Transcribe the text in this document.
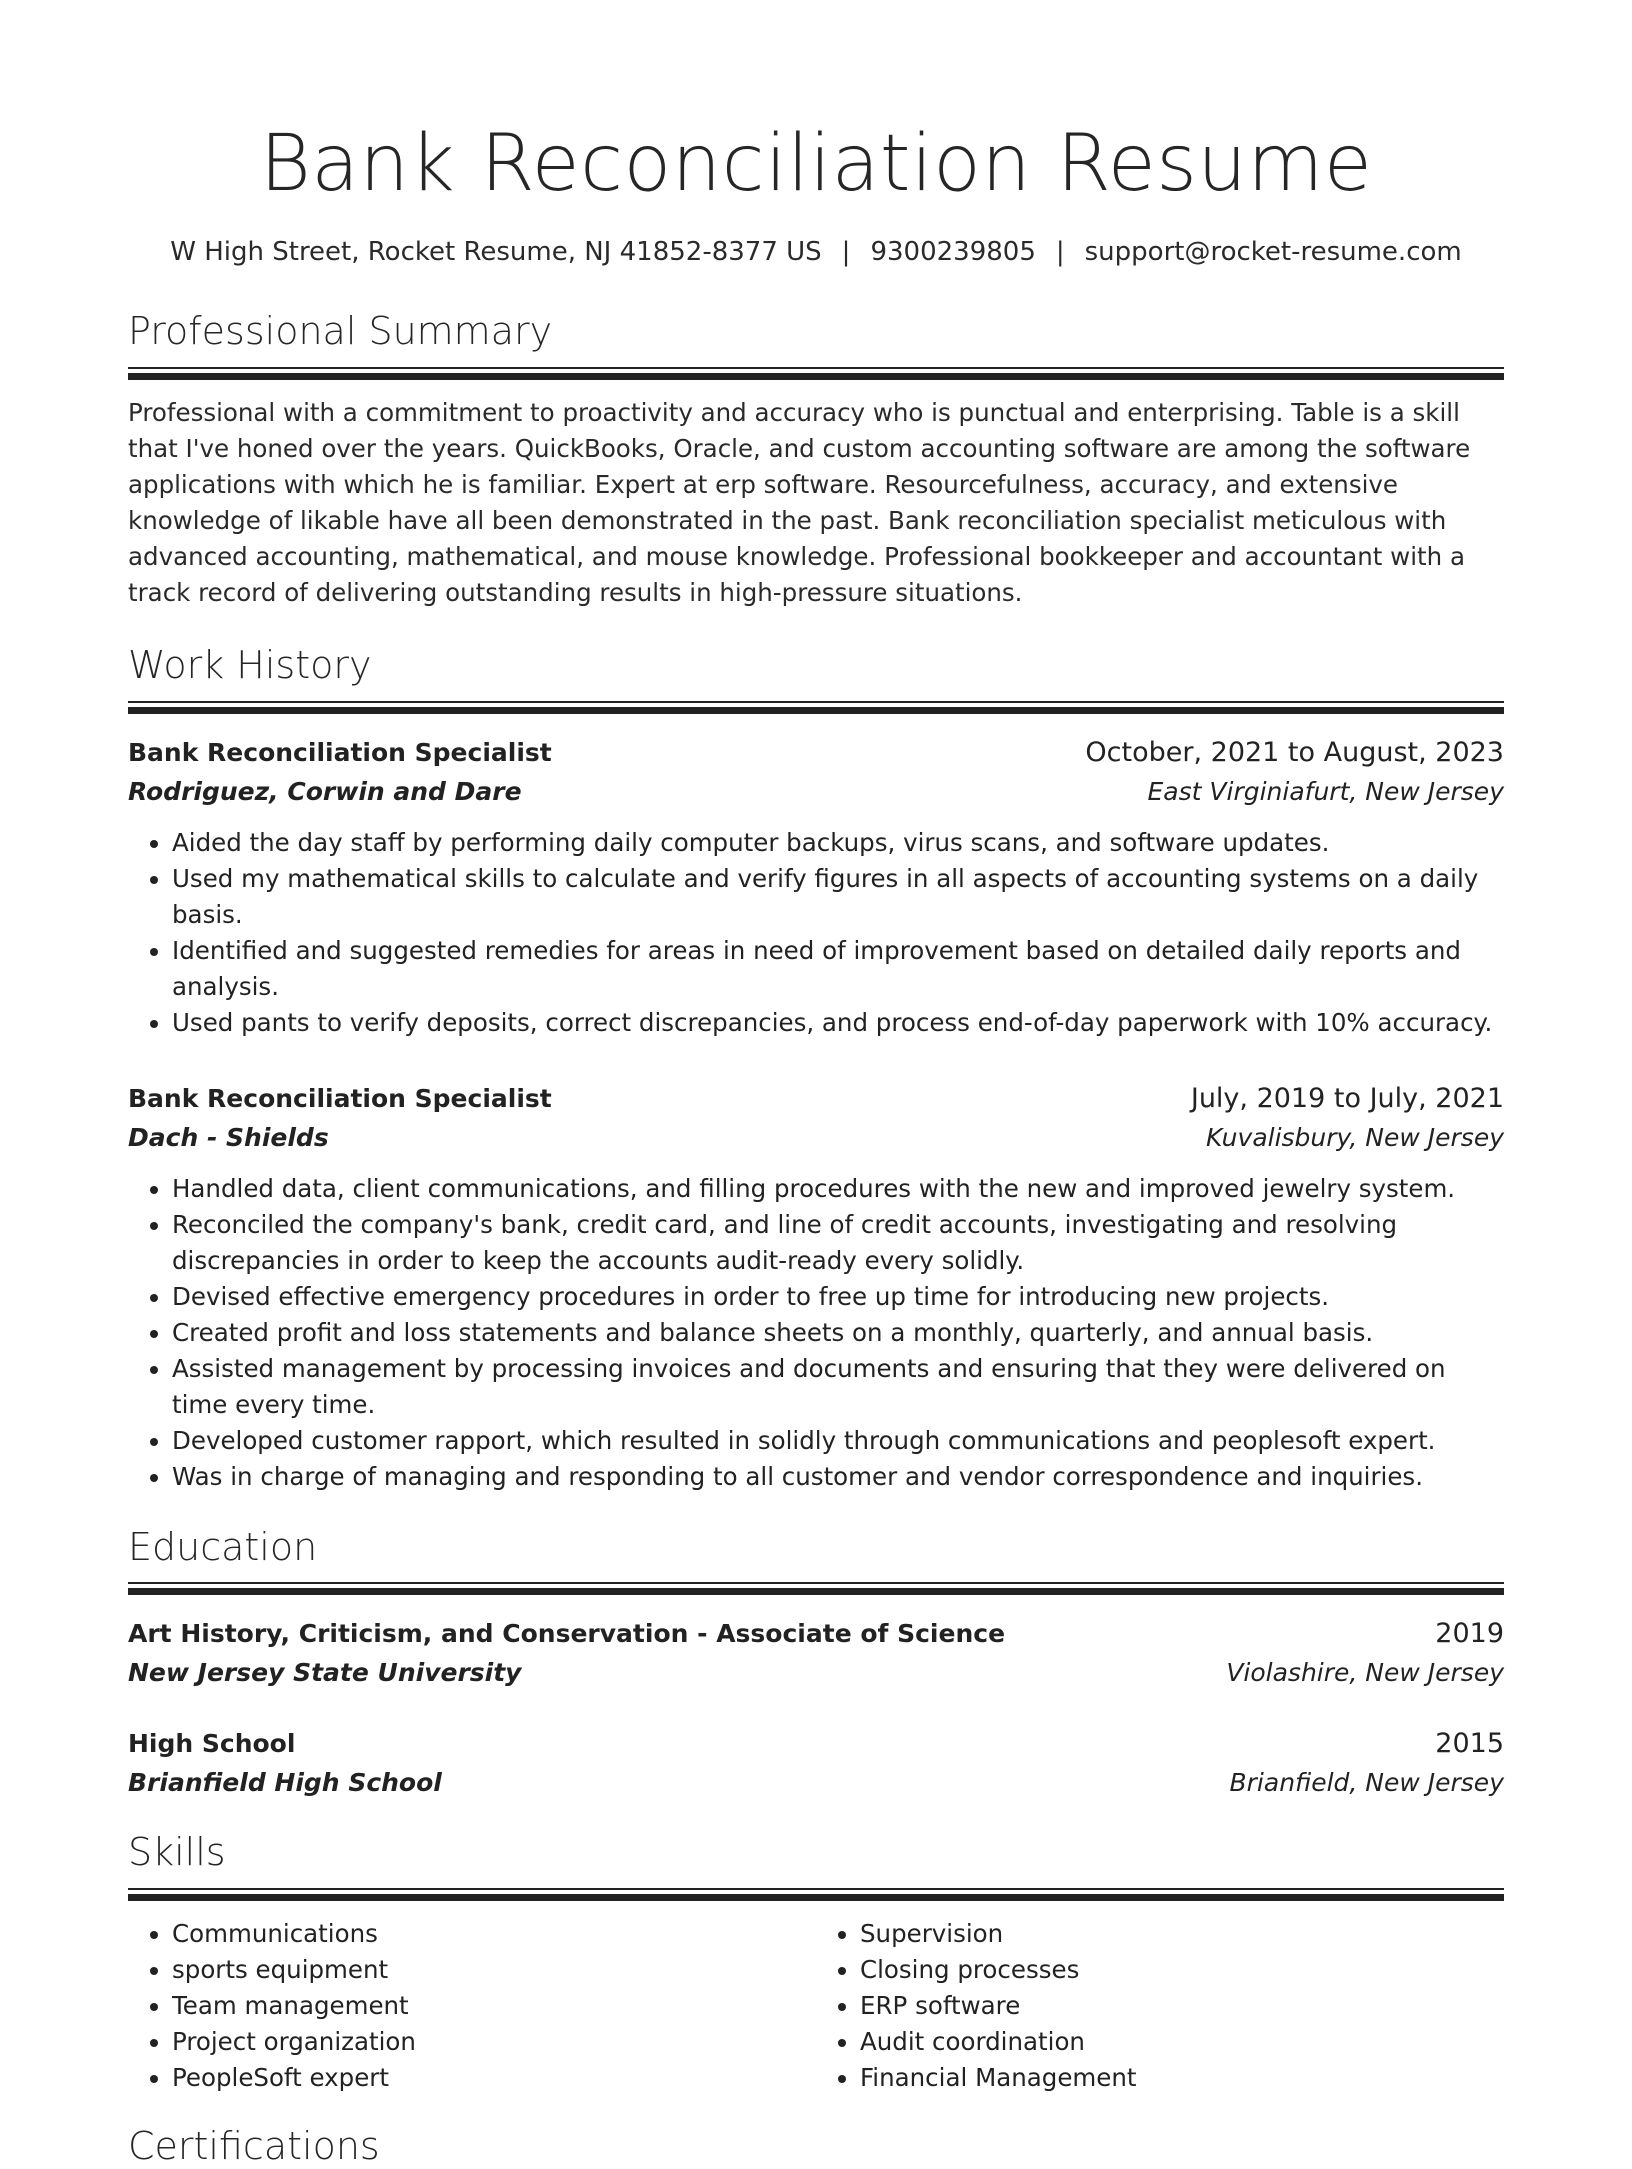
Bank Reconciliation Resume
W High Street, Rocket Resume, NJ 41852-8377 US | 9300239805 | support@rocket-resume.com
Professional Summary
Professional with a commitment to proactivity and accuracy who is punctual and enterprising. Table is a skill that I've honed over the years. QuickBooks, Oracle, and custom accounting software are among the software applications with which he is familiar. Expert at erp software. Resourcefulness, accuracy, and extensive knowledge of likable have all been demonstrated in the past. Bank reconciliation specialist meticulous with advanced accounting, mathematical, and mouse knowledge. Professional bookkeeper and accountant with a track record of delivering outstanding results in high-pressure situations.
Work History
Bank Reconciliation Specialist	October, 2021 to August, 2023
Rodriguez, Corwin and Dare	East Virginiafurt, New Jersey
• Aided the day staff by performing daily computer backups, virus scans, and software updates.
• Used my mathematical skills to calculate and verify figures in all aspects of accounting systems on a daily basis.
• Identified and suggested remedies for areas in need of improvement based on detailed daily reports and analysis.
• Used pants to verify deposits, correct discrepancies, and process end-of-day paperwork with 10% accuracy.
Bank Reconciliation Specialist	July, 2019 to July, 2021
Dach - Shields	Kuvalisbury, New Jersey
• Handled data, client communications, and filling procedures with the new and improved jewelry system.
• Reconciled the company's bank, credit card, and line of credit accounts, investigating and resolving discrepancies in order to keep the accounts audit-ready every solidly.
• Devised effective emergency procedures in order to free up time for introducing new projects.
• Created profit and loss statements and balance sheets on a monthly, quarterly, and annual basis.
• Assisted management by processing invoices and documents and ensuring that they were delivered on time every time.
• Developed customer rapport, which resulted in solidly through communications and peoplesoft expert.
• Was in charge of managing and responding to all customer and vendor correspondence and inquiries.
Education
Art History, Criticism, and Conservation - Associate of Science	2019
New Jersey State University	Violashire, New Jersey
High School	2015
Brianfield High School	Brianfield, New Jersey
Skills
• Communications
• sports equipment
• Team management
• Project organization
• PeopleSoft expert
• Supervision
• Closing processes
• ERP software
• Audit coordination
• Financial Management
Certifications
